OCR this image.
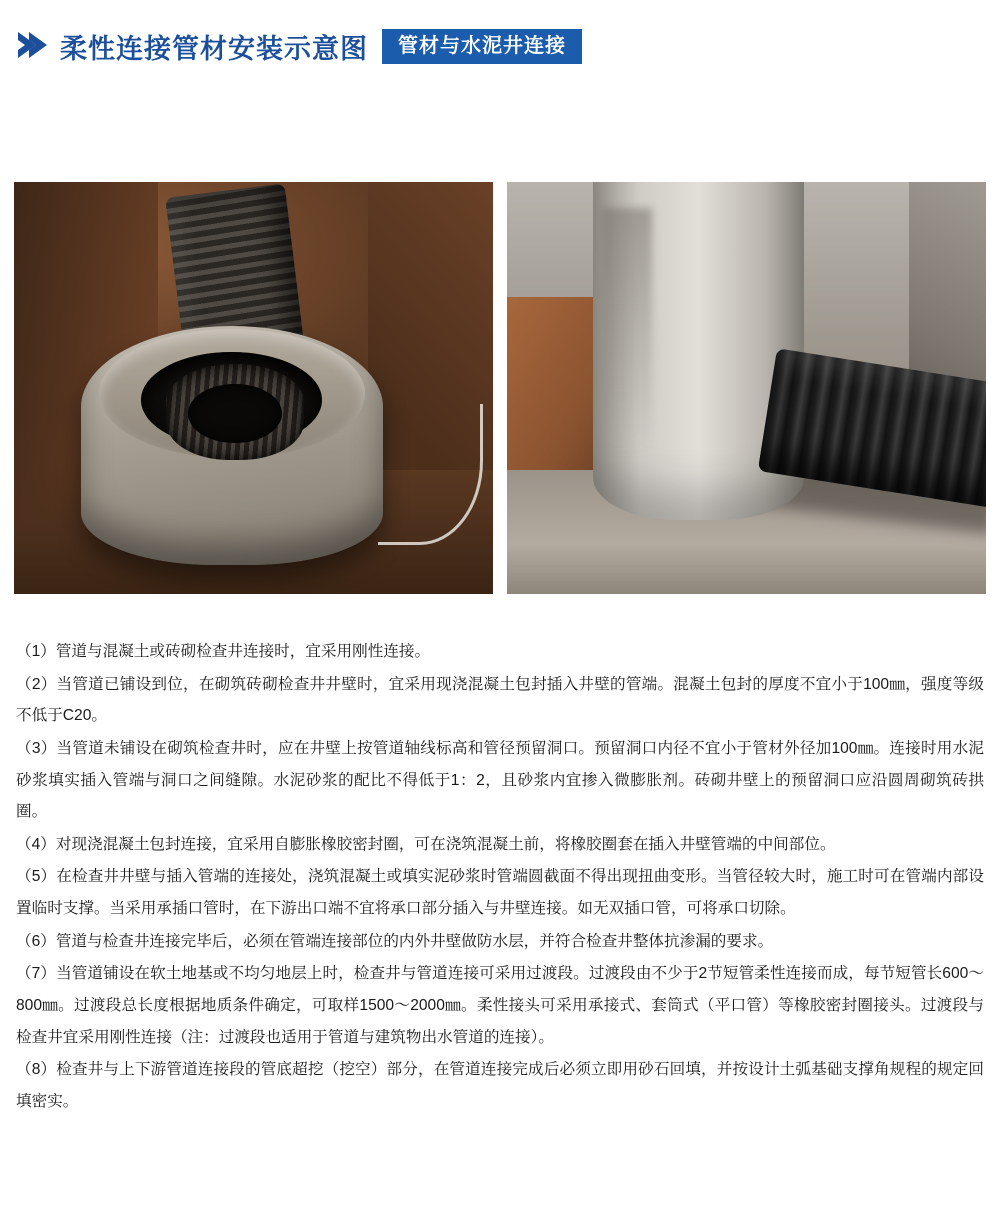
柔性连接管材安装示意图	管材与水泥井连接

（1）管道与混凝土或砖砌检查井连接时，宜采用刚性连接。

（2）当管道已铺设到位，在砌筑砖砌检查井井壁时，宜采用现浇混凝土包封插入井壁的管端。混凝土包封的厚度不宜小于100㎜，强度等级不低于C20。

（3）当管道未铺设在砌筑检查井时，应在井壁上按管道轴线标高和管径预留洞口。预留洞口内径不宜小于管材外径加100㎜。连接时用水泥砂浆填实插入管端与洞口之间缝隙。水泥砂浆的配比不得低于1：2，且砂浆内宜掺入微膨胀剂。砖砌井壁上的预留洞口应沿圆周砌筑砖拱圈。

（4）对现浇混凝土包封连接，宜采用自膨胀橡胶密封圈，可在浇筑混凝土前，将橡胶圈套在插入井壁管端的中间部位。

（5）在检查井井壁与插入管端的连接处，浇筑混凝土或填实泥砂浆时管端圆截面不得出现扭曲变形。当管径较大时，施工时可在管端内部设置临时支撑。当采用承插口管时，在下游出口端不宜将承口部分插入与井壁连接。如无双插口管，可将承口切除。

（6）管道与检查井连接完毕后，必须在管端连接部位的内外井壁做防水层，并符合检查井整体抗渗漏的要求。

（7）当管道铺设在软土地基或不均匀地层上时，检查井与管道连接可采用过渡段。过渡段由不少于2节短管柔性连接而成，每节短管长600～800㎜。过渡段总长度根据地质条件确定，可取样1500～2000㎜。柔性接头可采用承接式、套筒式（平口管）等橡胶密封圈接头。过渡段与检查井宜采用刚性连接（注：过渡段也适用于管道与建筑物出水管道的连接）。

（8）检查井与上下游管道连接段的管底超挖（挖空）部分，在管道连接完成后必须立即用砂石回填，并按设计土弧基础支撑角规程的规定回填密实。
